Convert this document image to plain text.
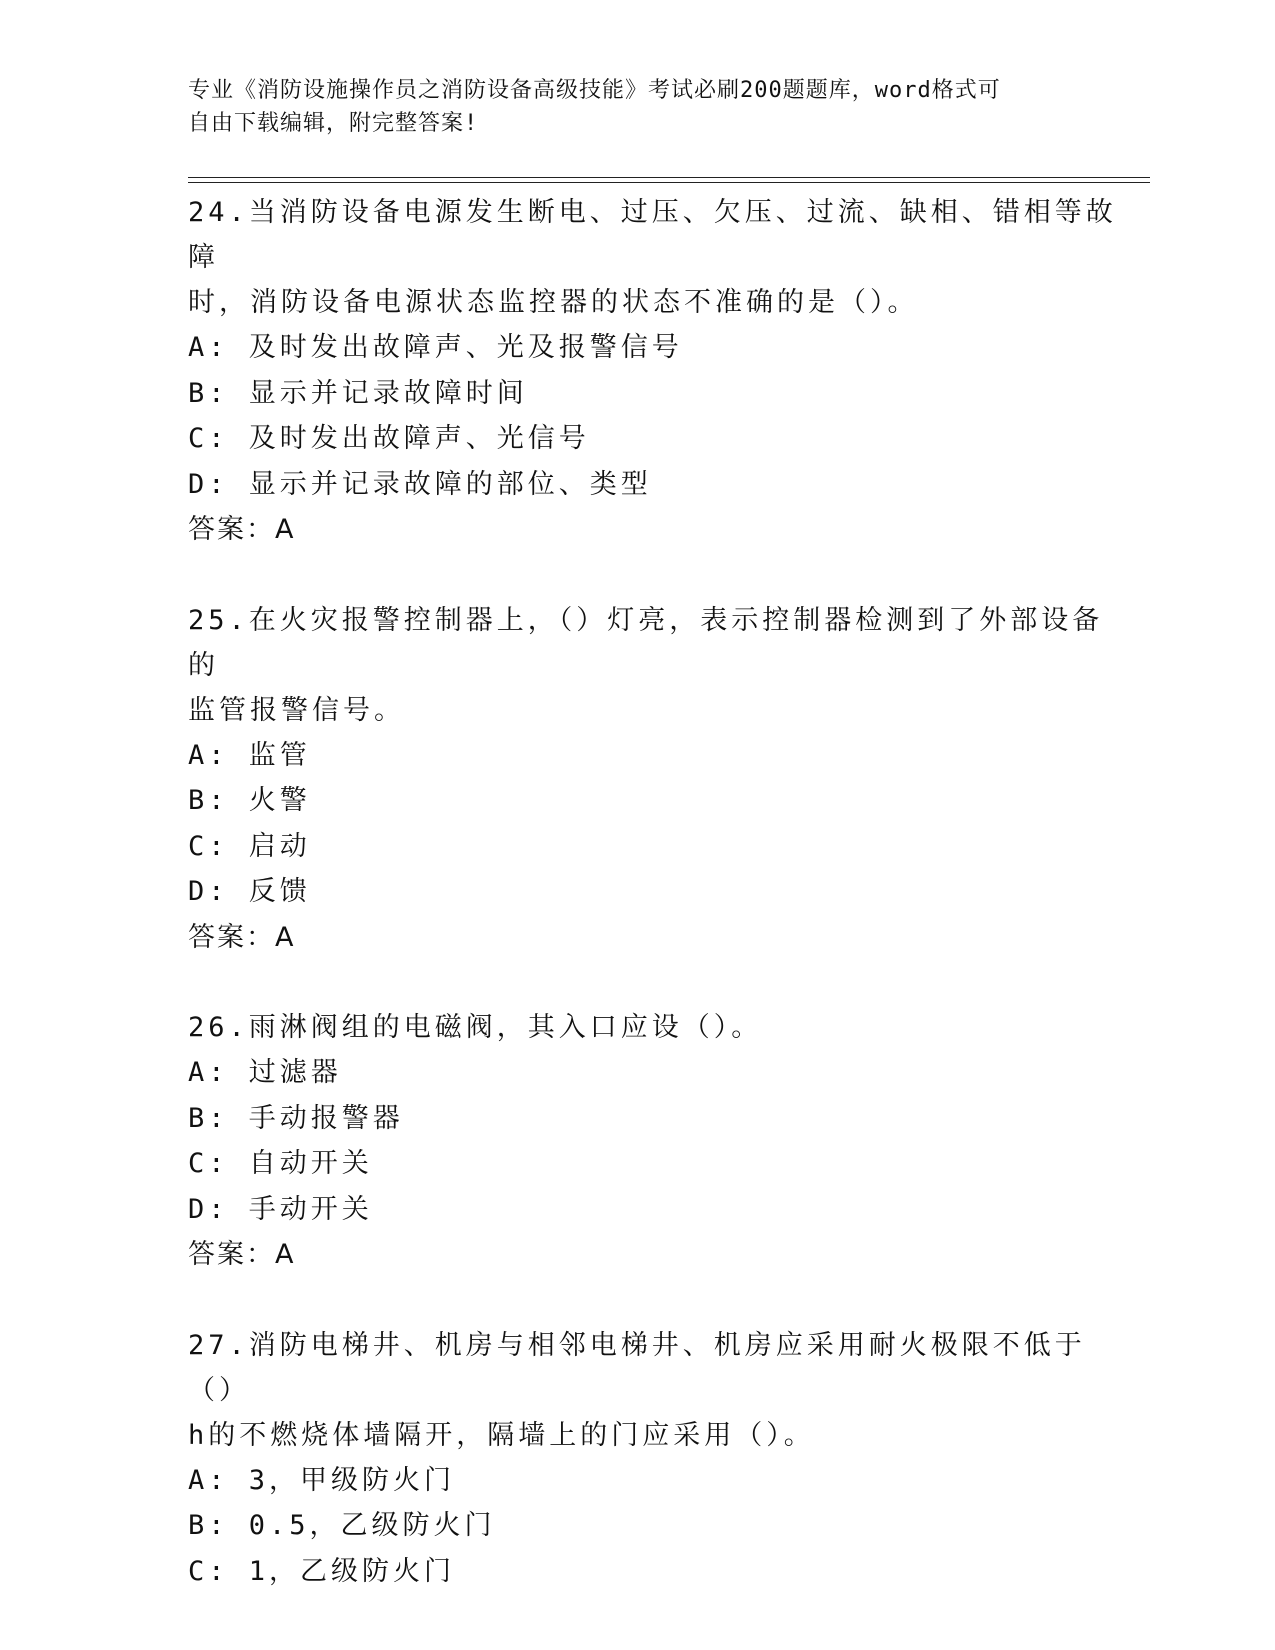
专业《消防设施操作员之消防设备高级技能》考试必刷200题题库，word格式可
自由下载编辑，附完整答案!

24.当消防设备电源发生断电、过压、欠压、过流、缺相、错相等故障
时，消防设备电源状态监控器的状态不准确的是（）。

A: 及时发出故障声、光及报警信号

B: 显示并记录故障时间

C: 及时发出故障声、光信号

D: 显示并记录故障的部位、类型

答案：A

25.在火灾报警控制器上，（）灯亮，表示控制器检测到了外部设备的
监管报警信号。

A: 监管

B: 火警

C: 启动

D: 反馈

答案：A

26.雨淋阀组的电磁阀，其入口应设（）。

A: 过滤器

B: 手动报警器

C: 自动开关

D: 手动开关

答案：A

27.消防电梯井、机房与相邻电梯井、机房应采用耐火极限不低于（）
h的不燃烧体墙隔开，隔墙上的门应采用（）。

A: 3，甲级防火门

B: 0.5，乙级防火门

C: 1，乙级防火门
